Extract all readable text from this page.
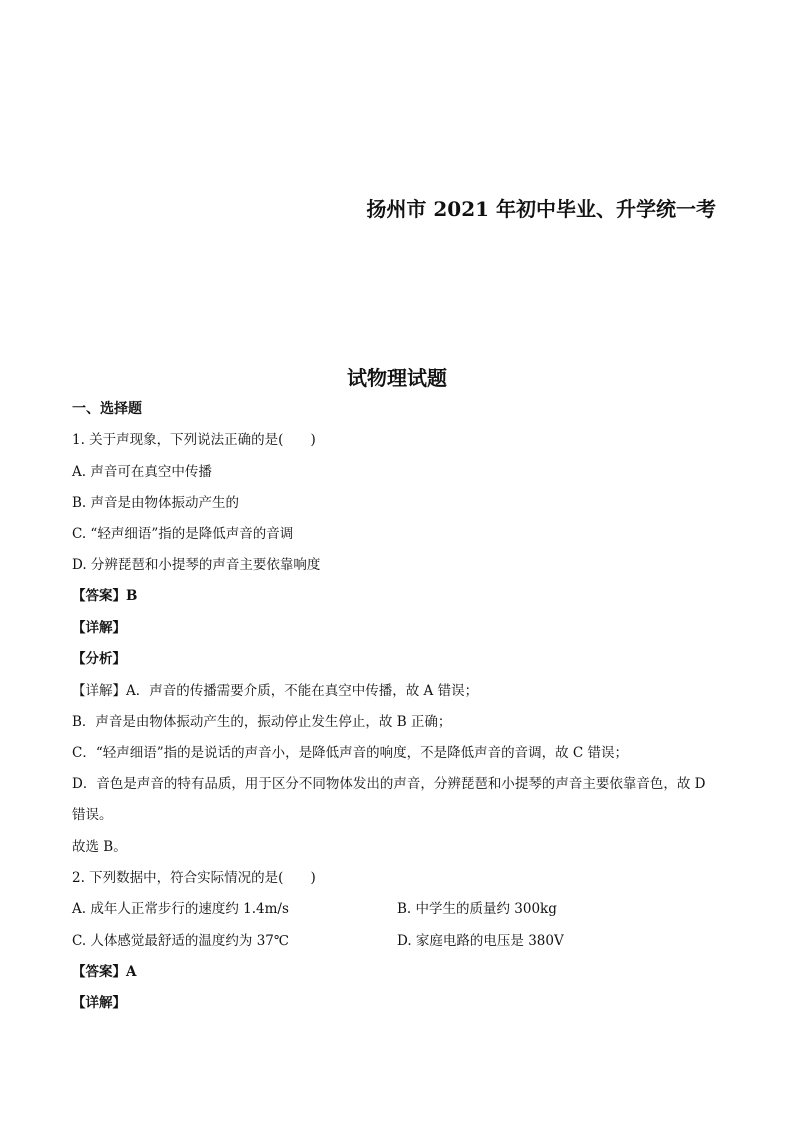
扬州市 2021 年初中毕业、升学统一考
试物理试题
一、选择题
1. 关于声现象，下列说法正确的是(　　)
A. 声音可在真空中传播
B. 声音是由物体振动产生的
C. “轻声细语”指的是降低声音的音调
D. 分辨琵琶和小提琴的声音主要依靠响度
【答案】B
【详解】
【分析】
【详解】A．声音的传播需要介质，不能在真空中传播，故 A 错误；
B．声音是由物体振动产生的，振动停止发生停止，故 B 正确；
C．“轻声细语”指的是说话的声音小，是降低声音的响度，不是降低声音的音调，故 C 错误；
D．音色是声音的特有品质，用于区分不同物体发出的声音，分辨琵琶和小提琴的声音主要依靠音色，故 D
错误。
故选 B。
2. 下列数据中，符合实际情况的是(　　)
A. 成年人正常步行的速度约 1.4m/s	B. 中学生的质量约 300kg
C. 人体感觉最舒适的温度约为 37℃	D. 家庭电路的电压是 380V
【答案】A
【详解】
